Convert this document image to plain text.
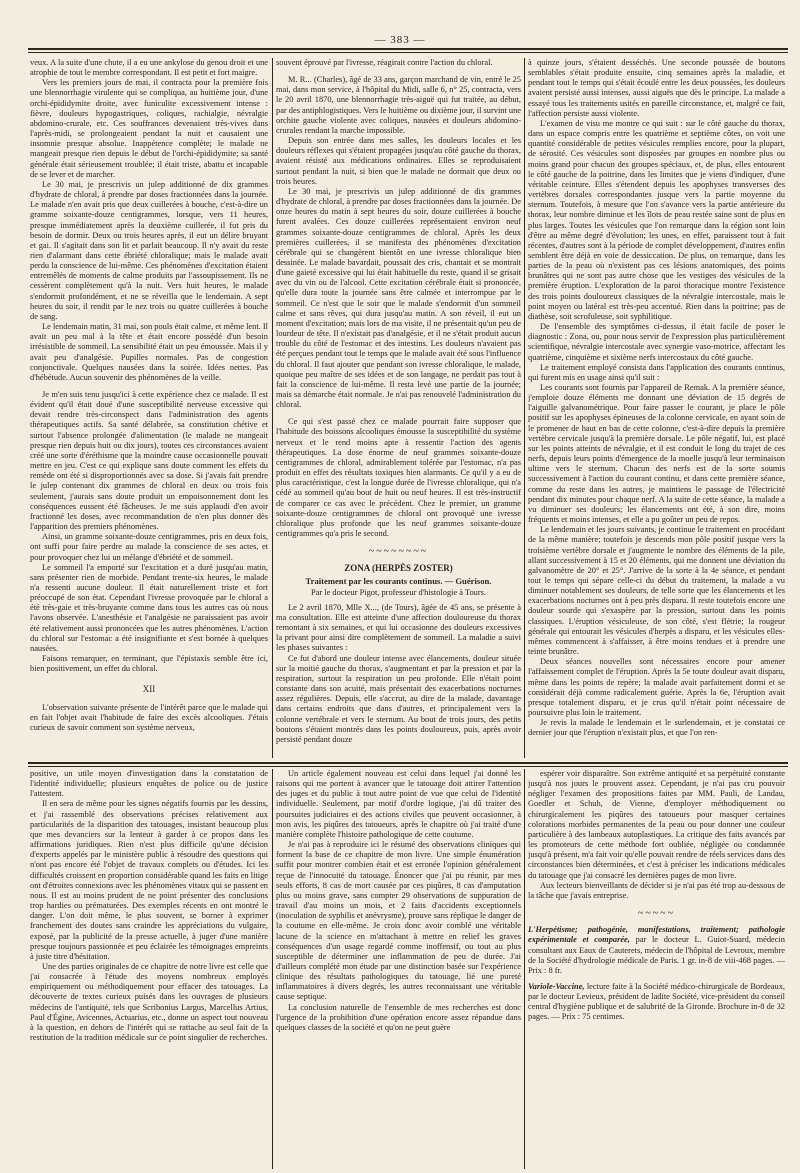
— 383 —

veux. A la suite d'une chute, il a eu une ankylose du genou droit et une atrophie de tout le membre correspondant. Il est petit et fort maigre.

Vers les premiers jours de mai, il contracta pour la première fois une blennorrhagie virulente qui se compliqua, au huitième jour, d'une orchi-épididymite droite, avec funiculite excessivement intense : fièvre, douleurs hypogastriques, coliques, rachialgie, névralgie abdomino-crurale, etc. Ces souffrances devenaient très-vives dans l'après-midi, se prolongeaient pendant la nuit et causaient une insomnie presque absolue. Inappétence complète; le malade ne mangeait presque rien depuis le début de l'orchi-épididymite; sa santé générale était sérieusement troublée; il était triste, abattu et incapable de se lever et de marcher.

Le 30 mai, je prescrivis un julep additionné de dix grammes d'hydrate de chloral, à prendre par doses fractionnées dans la journée. Le malade n'en avait pris que deux cuillerées à bouche, c'est-à-dire un gramme soixante-douze centigrammes, lorsque, vers 11 heures, presque immédiatement après la deuxième cuillerée, il fut pris du besoin de dormir. Deux ou trois heures après, il eut un délire bruyant et gai. Il s'agitait dans son lit et parlait beaucoup. Il n'y avait du reste rien d'alarmant dans cette ébriété chloralique; mais le malade avait perdu la conscience de lui-même. Ces phénomènes d'excitation étaient entremêlés de moments de calme produits par l'assoupissement. Ils ne cessèrent complètement qu'à la nuit. Vers huit heures, le malade s'endormit profondément, et ne se réveilla que le lendemain. A sept heures du soir, il rendit par le nez trois ou quatre cuillerées à bouche de sang.

Le lendemain matin, 31 mai, son pouls était calme, et même lent. Il avait un peu mal à la tête et était encore possédé d'un besoin irrésistible de sommeil. La sensibilité était un peu émoussée. Mais il y avait peu d'analgésie. Pupilles normales. Pas de congestion conjonctivale. Quelques nausées dans la soirée. Idées nettes. Pas d'hébétude. Aucun souvenir des phénomènes de la veille.

Je m'en suis tenu jusqu'ici à cette expérience chez ce malade. Il est évident qu'il était doué d'une susceptibilité nerveuse excessive qui devait rendre très-circonspect dans l'administration des agents thérapeutiques actifs. Sa santé délabrée, sa constitution chétive et surtout l'absence prolongée d'alimentation (le malade ne mangeait presque rien depuis huit ou dix jours), toutes ces circonstances avaient créé une sorte d'éréthisme que la moindre cause occasionnelle pouvait mettre en jeu. C'est ce qui explique sans doute comment les effets du remède ont été si disproportionnés avec sa dose. Si j'avais fait prendre le julep contenant dix grammes de chloral en deux ou trois fois seulement, j'aurais sans doute produit un empoisonnement dont les conséquences eussent été fâcheuses. Je me suis applaudi d'en avoir fractionné les doses, avec recommandation de n'en plus donner dès l'apparition des premiers phénomènes.

Ainsi, un gramme soixante-douze centigrammes, pris en deux fois, ont suffi pour faire perdre au malade la conscience de ses actes, et pour provoquer chez lui un mélange d'ébriété et de sommeil.

Le sommeil l'a emporté sur l'excitation et a duré jusqu'au matin, sans présenter rien de morbide. Pendant trente-six heures, le malade n'a ressenti aucune douleur. Il était naturellement triste et fort préoccupé de son état. Cependant l'ivresse provoquée par le chloral a été très-gaie et très-bruyante comme dans tous les autres cas où nous l'avons observée. L'anesthésie et l'analgésie ne paraissaient pas avoir été relativement aussi prononcées que les autres phénomènes. L'action du chloral sur l'estomac a été insignifiante et s'est bornée à quelques nausées.

Faisons remarquer, en terminant, que l'épistaxis semble être ici, bien positivement, un effet du chloral.

XII

L'observation suivante présente de l'intérêt parce que le malade qui en fait l'objet avait l'habitude de faire des excès alcooliques. J'étais curieux de savoir comment son système nerveux,

souvent éprouvé par l'ivresse, réagirait contre l'action du chloral.

M. R... (Charles), âgé de 33 ans, garçon marchand de vin, entré le 25 mai, dans mon service, à l'hôpital du Midi, salle 6, n° 25, contracta, vers le 20 avril 1870, une blennorrhagie très-aiguë qui fut traitée, au début, par des antiphlogistiques. Vers le huitième ou dixième jour, il survint une orchite gauche violente avec coliques, nausées et douleurs abdomino-crurales rendant la marche impossible.

Depuis son entrée dans mes salles, les douleurs locales et les douleurs réflexes qui s'étaient propagées jusqu'au côté gauche du thorax, avaient résisté aux médications ordinaires. Elles se reproduisaient surtout pendant la nuit, si bien que le malade ne dormait que deux ou trois heures.

Le 30 mai, je prescrivis un julep additionné de dix grammes d'hydrate de chloral, à prendre par doses fractionnées dans la journée. De onze heures du matin à sept heures du soir, douze cuillerées à bouche furent avalées. Ces douze cuillerées représentaient environ neuf grammes soixante-douze centigrammes de chloral. Après les deux premières cuillerées, il se manifesta des phénomènes d'excitation cérébrale qui se changèrent bientôt en une ivresse chloralique bien dessinée. Le malade bavardait, poussait des cris, chantait et se montrait d'une gaieté excessive qui lui était habituelle du reste, quand il se grisait avec du vin ou de l'alcool. Cette excitation cérébrale était si prononcée, qu'elle dura toute la journée sans être calmée et interrompue par le sommeil. Ce n'est que le soir que le malade s'endormit d'un sommeil calme et sans rêves, qui dura jusqu'au matin. A son réveil, il eut un moment d'excitation; mais lors de ma visite, il ne présentait qu'un peu de lourdeur de tête. Il n'existait pas d'analgésie, et il ne s'était produit aucun trouble du côté de l'estomac et des intestins. Les douleurs n'avaient pas été perçues pendant tout le temps que le malade avait été sous l'influence du chloral. Il faut ajouter que pendant son ivresse chloralique, le malade, quoique peu maître de ses idées et de son langage, ne perdait pas tout à fait la conscience de lui-même. Il resta levé une partie de la journée; mais sa démarche était normale. Je n'ai pas renouvelé l'administration du chloral.

Ce qui s'est passé chez ce malade pourrait faire supposer que l'habitude des boissons alcooliques émousse la susceptibilité du système nerveux et le rend moins apte à ressentir l'action des agents thérapeutiques. La dose énorme de neuf grammes soixante-douze centigrammes de chloral, admirablement tolérée par l'estomac, n'a pas produit en effet des résultats toxiques bien alarmants. Ce qu'il y a eu de plus caractéristique, c'est la longue durée de l'ivresse chloralique, qui n'a cédé au sommeil qu'au bout de huit ou neuf heures. Il est très-instructif de comparer ce cas avec le précédent. Chez le premier, un gramme soixante-douze centigrammes de chloral ont provoqué une ivresse chloralique plus profonde que les neuf grammes soixante-douze centigrammes qu'a pris le second.

~~~~~~~~
ZONA (HERPÈS ZOSTER)
Traitement par les courants continus. — Guérison.
Par le docteur Pigot, professeur d'histologie à Tours.

Le 2 avril 1870, Mlle X..., (de Tours), âgée de 45 ans, se présente à ma consultation. Elle est atteinte d'une affection douloureuse du thorax remontant à six semaines, et qui lui occasionne des douleurs excessives la privant pour ainsi dire complètement de sommeil. La maladie a suivi les phases suivantes :

Ce fut d'abord une douleur intense avec élancements, douleur située sur la moitié gauche du thorax, s'augmentant et par la pression et par la respiration, surtout la respiration un peu profonde. Elle n'était point constante dans son acuité, mais présentait des exacerbations nocturnes assez régulières. Depuis, elle s'accrut, au dire de la malade, davantage dans certains endroits que dans d'autres, et principalement vers la colonne vertébrale et vers le sternum. Au bout de trois jours, des petits boutons s'étaient montrés dans les points douloureux, puis, après avoir persisté pendant douze

à quinze jours, s'étaient desséchés. Une seconde poussée de boutons semblables s'était produite ensuite, cinq semaines après la maladie, et pendant tout le temps qui s'était écoulé entre les deux poussées, les douleurs avaient persisté aussi intenses, aussi aiguës que dès le principe. La malade a essayé tous les traitements usités en pareille circonstance, et, malgré ce fait, l'affection persiste aussi violente.

L'examen de visu me montre ce qui suit : sur le côté gauche du thorax, dans un espace compris entre les quatrième et septième côtes, on voit une quantité considérable de petites vésicules remplies encore, pour la plupart, de sérosité. Ces vésicules sont disposées par groupes en nombre plus ou moins grand pour chacun des groupes spéciaux, et, de plus, elles entourent le côté gauche de la poitrine, dans les limites que je viens d'indiquer, d'une véritable ceinture. Elles s'étendent depuis les apophyses transverses des vertèbres dorsales correspondantes jusque vers la partie moyenne du sternum. Toutefois, à mesure que l'on s'avance vers la partie antérieure du thorax, leur nombre diminue et les îlots de peau restée saine sont de plus en plus larges. Toutes les vésicules que l'on remarque dans la région sont loin d'être au même degré d'évolution; les unes, en effet, paraissent tout à fait récentes, d'autres sont à la période de complet développement, d'autres enfin semblent être déjà en voie de dessiccation. De plus, on remarque, dans les parties de la peau où n'existent pas ces lésions anatomiques, des points brunâtres qui ne sont pas autre chose que les vestiges des vésicules de la première éruption. L'exploration de la paroi thoracique montre l'existence des trois points douloureux classiques de la névralgie intercostale, mais le point moyen ou latéral est très-peu accentué. Rien dans la poitrine; pas de diathèse, soit scrofuleuse, soit syphilitique.

De l'ensemble des symptômes ci-dessus, il était facile de poser le diagnostic : Zona, ou, pour nous servir de l'expression plus particulièrement scientifique, névralgie intercostale avec synergie vaso-motrice, affectant les quatrième, cinquième et sixième nerfs intercostaux du côté gauche.

Le traitement employé consista dans l'application des courants continus, qui furent mis en usage ainsi qu'il suit :

Les courants sont fournis par l'appareil de Remak. A la première séance, j'emploie douze éléments me donnant une déviation de 15 degrés de l'aiguille galvanométrique. Pour faire passer le courant, je place le pôle positif sur les apophyses épineuses de la colonne cervicale, en ayant soin de le promener de haut en bas de cette colonne, c'est-à-dire depuis la première vertèbre cervicale jusqu'à la première dorsale. Le pôle négatif, lui, est placé sur les points atteints de névralgie, et il est conduit le long du trajet de ces nerfs, depuis leurs points d'émergence de la moelle jusqu'à leur terminaison ultime vers le sternum. Chacun des nerfs est de la sorte soumis successivement à l'action du courant continu, et dans cette première séance, comme du reste dans les autres, je maintiens le passage de l'électricité pendant dix minutes pour chaque nerf. A la suite de cette séance, la malade a vu diminuer ses douleurs; les élancements ont été, à son dire, moins fréquents et moins intenses, et elle a pu goûter un peu de repos.

Le lendemain et les jours suivants, je continue le traitement en procédant de la même manière; toutefois je descends mon pôle positif jusque vers la troisième vertèbre dorsale et j'augmente le nombre des éléments de la pile, allant successivement à 15 et 20 éléments, qui me donnent une déviation du galvanomètre de 20° et 25°. J'arrive de la sorte à la 4e séance, et pendant tout le temps qui sépare celle-ci du début du traitement, la malade a vu diminuer notablement ses douleurs, de telle sorte que les élancements et les exacerbations nocturnes ont à peu près disparu. Il reste toutefois encore une douleur sourde qui s'exaspère par la pression, surtout dans les points classiques. L'éruption vésiculeuse, de son côté, s'est flétrie; la rougeur générale qui entourait les vésicules d'herpès a disparu, et les vésicules elles-mêmes commencent à s'affaisser, à être moins tendues et à prendre une teinte brunâtre.

Deux séances nouvelles sont nécessaires encore pour amener l'affaissement complet de l'éruption. Après la 5e toute douleur avait disparu, même dans les points de repère; la malade avait parfaitement dormi et se considérait déjà comme radicalement guérie. Après la 6e, l'éruption avait presque totalement disparu, et je crus qu'il n'était point nécessaire de poursuivre plus loin le traitement.

Je revis la malade le lendemain et le surlendemain, et je constatai ce dernier jour que l'éruption n'existait plus, et que l'on ren-

positive, un utile moyen d'investigation dans la constatation de l'identité individuelle; plusieurs enquêtes de police ou de justice l'attestent.

Il en sera de même pour les signes négatifs fournis par les dessins, et j'ai rassemblé des observations précises relativement aux particularités de la disparition des tatouages, insistant beaucoup plus que mes devanciers sur la lenteur à garder à ce propos dans les affirmations juridiques. Rien n'est plus difficile qu'une décision d'experts appelés par le ministère public à résoudre des questions qui n'ont pas encore été l'objet de travaux complets ou d'études. Ici les difficultés croissent en proportion considérable quand les faits en litige ont d'étroites connexions avec les phénomènes vitaux qui se passent en nous. Il est au moins prudent de ne point présenter des conclusions trop hardies ou prématurées. Des exemples récents en ont montré le danger. L'on doit même, le plus souvent, se borner à exprimer franchement des doutes sans craindre les appréciations du vulgaire, exposé, par la publicité de la presse actuelle, à juger d'une manière presque toujours passionnée et peu éclairée les témoignages empreints à juste titre d'hésitation.

Une des parties originales de ce chapitre de notre livre est celle que j'ai consacrée à l'étude des moyens nombreux employés empiriquement ou méthodiquement pour effacer des tatouages. La découverte de textes curieux puisés dans les ouvrages de plusieurs médecins de l'antiquité, tels que Scribonius Largus, Marcellus Artius, Paul d'Égine, Avicennes, Actuarius, etc., donne un aspect tout nouveau à la question, en dehors de l'intérêt qui se rattache au seul fait de la restitution de la tradition médicale sur ce point singulier de recherches.

Un article également nouveau est celui dans lequel j'ai donné les raisons qui me portent à avancer que le tatouage doit attirer l'attention des juges et du public à tout autre point de vue que celui de l'identité individuelle. Seulement, par motif d'ordre logique, j'ai dû traiter des poursuites judiciaires et des actions civiles que peuvent occasionner, à mon avis, les piqûres des tatoueurs, après le chapitre où j'ai traité d'une manière complète l'histoire pathologique de cette coutume.

Je n'ai pas à reproduire ici le résumé des observations cliniques qui forment la base de ce chapitre de mon livre. Une simple énumération suffit pour montrer combien était et est erronée l'opinion généralement reçue de l'innocuité du tatouage. Énoncer que j'ai pu réunir, par mes seuls efforts, 8 cas de mort causée par ces piqûres, 8 cas d'amputation plus ou moins grave, sans compter 29 observations de suppuration de travail d'au moins un mois, et 2 faits d'accidents exceptionnels (inoculation de syphilis et anévrysme), prouve sans réplique le danger de la coutume en elle-même. Je crois donc avoir comblé une véritable lacune de la science en m'attachant à mettre en relief les graves conséquences d'un usage regardé comme inoffensif, ou tout au plus susceptible de déterminer une inflammation de peu de durée. J'ai d'ailleurs complété mon étude par une distinction basée sur l'expérience clinique des résultats pathologiques du tatouage, lié une pureté inflammatoires à divers degrés, les autres reconnaissant une véritable cause septique.

La conclusion naturelle de l'ensemble de mes recherches est donc l'urgence de la prohibition d'une opération encore assez répandue dans quelques classes de la société et qu'on ne peut guère

espérer voir disparaître. Son extrême antiquité et sa perpétuité constante jusqu'à nos jours le prouvent assez. Cependant, je n'ai pas cru pouvoir négliger l'examen des propositions faites par MM. Pauli, de Landau, Goedler et Schuh, de Vienne, d'employer méthodiquement ou chirurgicalement les piqûres des tatoueurs pour masquer certaines colorations morbides permanentes de la peau ou pour donner une couleur particulière à des lambeaux autoplastiques. La critique des faits avancés par les promoteurs de cette méthode fort oubliée, négligée ou condamnée jusqu'à présent, m'a fait voir qu'elle pouvait rendre de réels services dans des circonstances bien déterminées, et c'est à préciser les indications médicales du tatouage que j'ai consacré les dernières pages de mon livre.

Aux lecteurs bienveillants de décider si je n'ai pas été trop au-dessous de la tâche que j'avais entreprise.

~~~~~

L'Herpétisme; pathogénie, manifestations, traitement; pathologie expérimentale et comparée, par le docteur L. Guiot-Suard, médecin consultant aux Eaux de Cauterets, médecin de l'hôpital de Levroux, membre de la Société d'hydrologie médicale de Paris. 1 gr. in-8 de viii-468 pages. — Prix : 8 fr.

Variole-Vaccine, lecture faite à la Société médico-chirurgicale de Bordeaux, par le docteur Levieux, président de ladite Société, vice-président du conseil central d'hygiène publique et de salubrité de la Gironde. Brochure in-8 de 32 pages. — Prix : 75 centimes.
